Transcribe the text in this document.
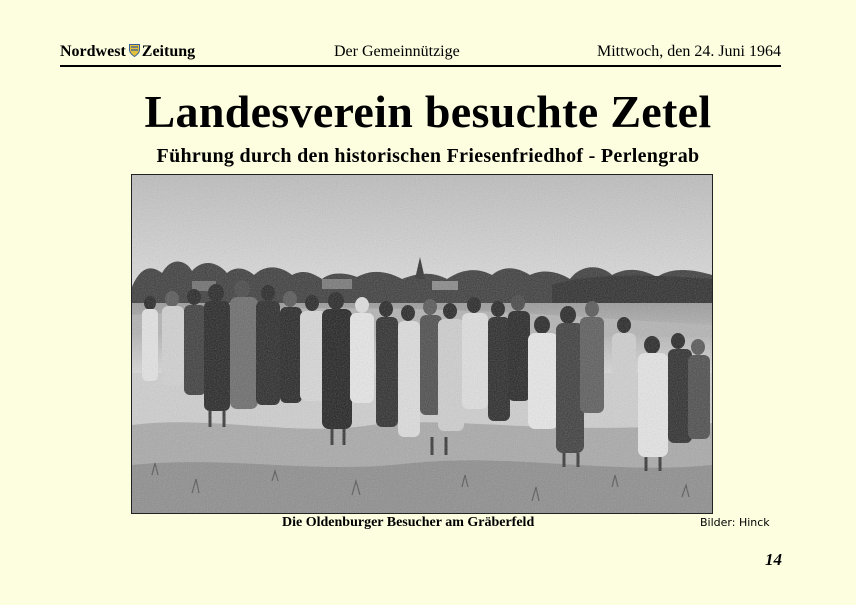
Nordwest Zeitung	Der Gemeinnützige	Mittwoch, den 24. Juni 1964
Landesverein besuchte Zetel
Führung durch den historischen Friesenfriedhof - Perlengrab
Die Oldenburger Besucher am Gräberfeld	Bilder: Hinck
14
